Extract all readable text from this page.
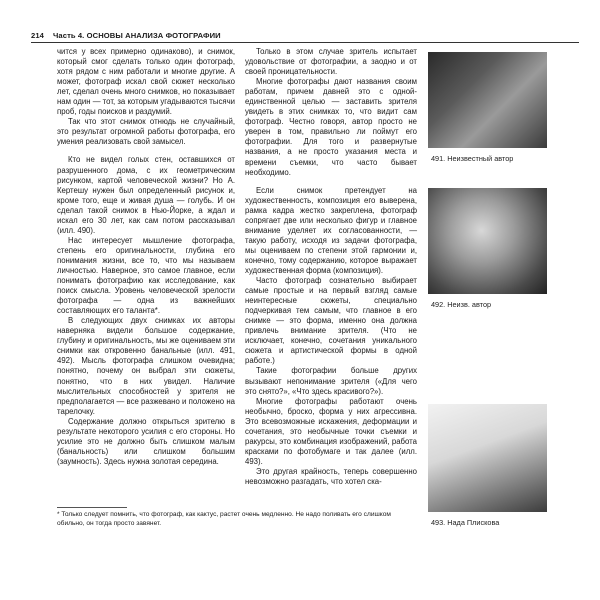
214 Часть 4. ОСНОВЫ АНАЛИЗА ФОТОГРАФИИ

чится у всех примерно одинаково), и снимок, который смог сделать только один фотограф, хотя рядом с ним работали и многие другие. А может, фотограф искал свой сюжет несколько лет, сделал очень много снимков, но показывает нам один — тот, за которым угадываются тысячи проб, годы поисков и раздумий.

Так что этот снимок отнюдь не случайный, это результат огромной работы фотографа, его умения реализовать свой замысел.

Кто не видел голых стен, оставшихся от разрушенного дома, с их геометрическим рисунком, картой человеческой жизни? Но А. Кертешу нужен был определенный рисунок и, кроме того, еще и живая душа — голубь. И он сделал такой снимок в Нью-Йорке, а ждал и искал его 30 лет, как сам потом рассказывал (илл. 490).

Нас интересует мышление фотографа, степень его оригинальности, глубина его понимания жизни, все то, что мы называем личностью. Наверное, это самое главное, если понимать фотографию как исследование, как поиск смысла. Уровень человеческой зрелости фотографа — одна из важнейших составляющих его таланта*.

В следующих двух снимках их авторы наверняка видели большое содержание, глубину и оригинальность, мы же оцениваем эти снимки как откровенно банальные (илл. 491, 492). Мысль фотографа слишком очевидна; понятно, почему он выбрал эти сюжеты, понятно, что в них увидел. Наличие мыслительных способностей у зрителя не предполагается — все разжевано и положено на тарелочку.

Содержание должно открыться зрителю в результате некоторого усилия с его стороны. Но усилие это не должно быть слишком малым (банальность) или слишком большим (заумность). Здесь нужна золотая середина.

Только в этом случае зритель испытает удовольствие от фотографии, а заодно и от своей проницательности.

Многие фотографы дают названия своим работам, причем давней это с одной-единственной целью — заставить зрителя увидеть в этих снимках то, что видит сам фотограф. Честно говоря, автор просто не уверен в том, правильно ли поймут его фотографии. Для того и развернутые названия, а не просто указания места и времени съемки, что часто бывает необходимо.

Если снимок претендует на художественность, композиция его выверена, рамка кадра жестко закреплена, фотограф сопрягает две или несколько фигур и главное внимание уделяет их согласованности, — такую работу, исходя из задачи фотографа, мы оцениваем по степени этой гармонии и, конечно, тому содержанию, которое выражает художественная форма (композиция).

Часто фотограф сознательно выбирает самые простые и на первый взгляд самые неинтересные сюжеты, специально подчеркивая тем самым, что главное в его снимке — это форма, именно она должна привлечь внимание зрителя. (Что не исключает, конечно, сочетания уникального сюжета и артистической формы в одной работе.)

Такие фотографии больше других вызывают непонимание зрителя («Для чего это снято?», «Что здесь красивого?»).

Многие фотографы работают очень необычно, броско, форма у них агрессивна. Это всевозможные искажения, деформации и сочетания, это необычные точки съемки и ракурсы, это комбинация изображений, работа красками по фотобумаге и так далее (илл. 493).

Это другая крайность, теперь совершенно невозможно разгадать, что хотел ска-

* Только следует помнить, что фотограф, как кактус, растет очень медленно. Не надо поливать его слишком обильно, он тогда просто завянет.
491. Неизвестный автор
492. Неизв. автор
493. Нада Плискова
